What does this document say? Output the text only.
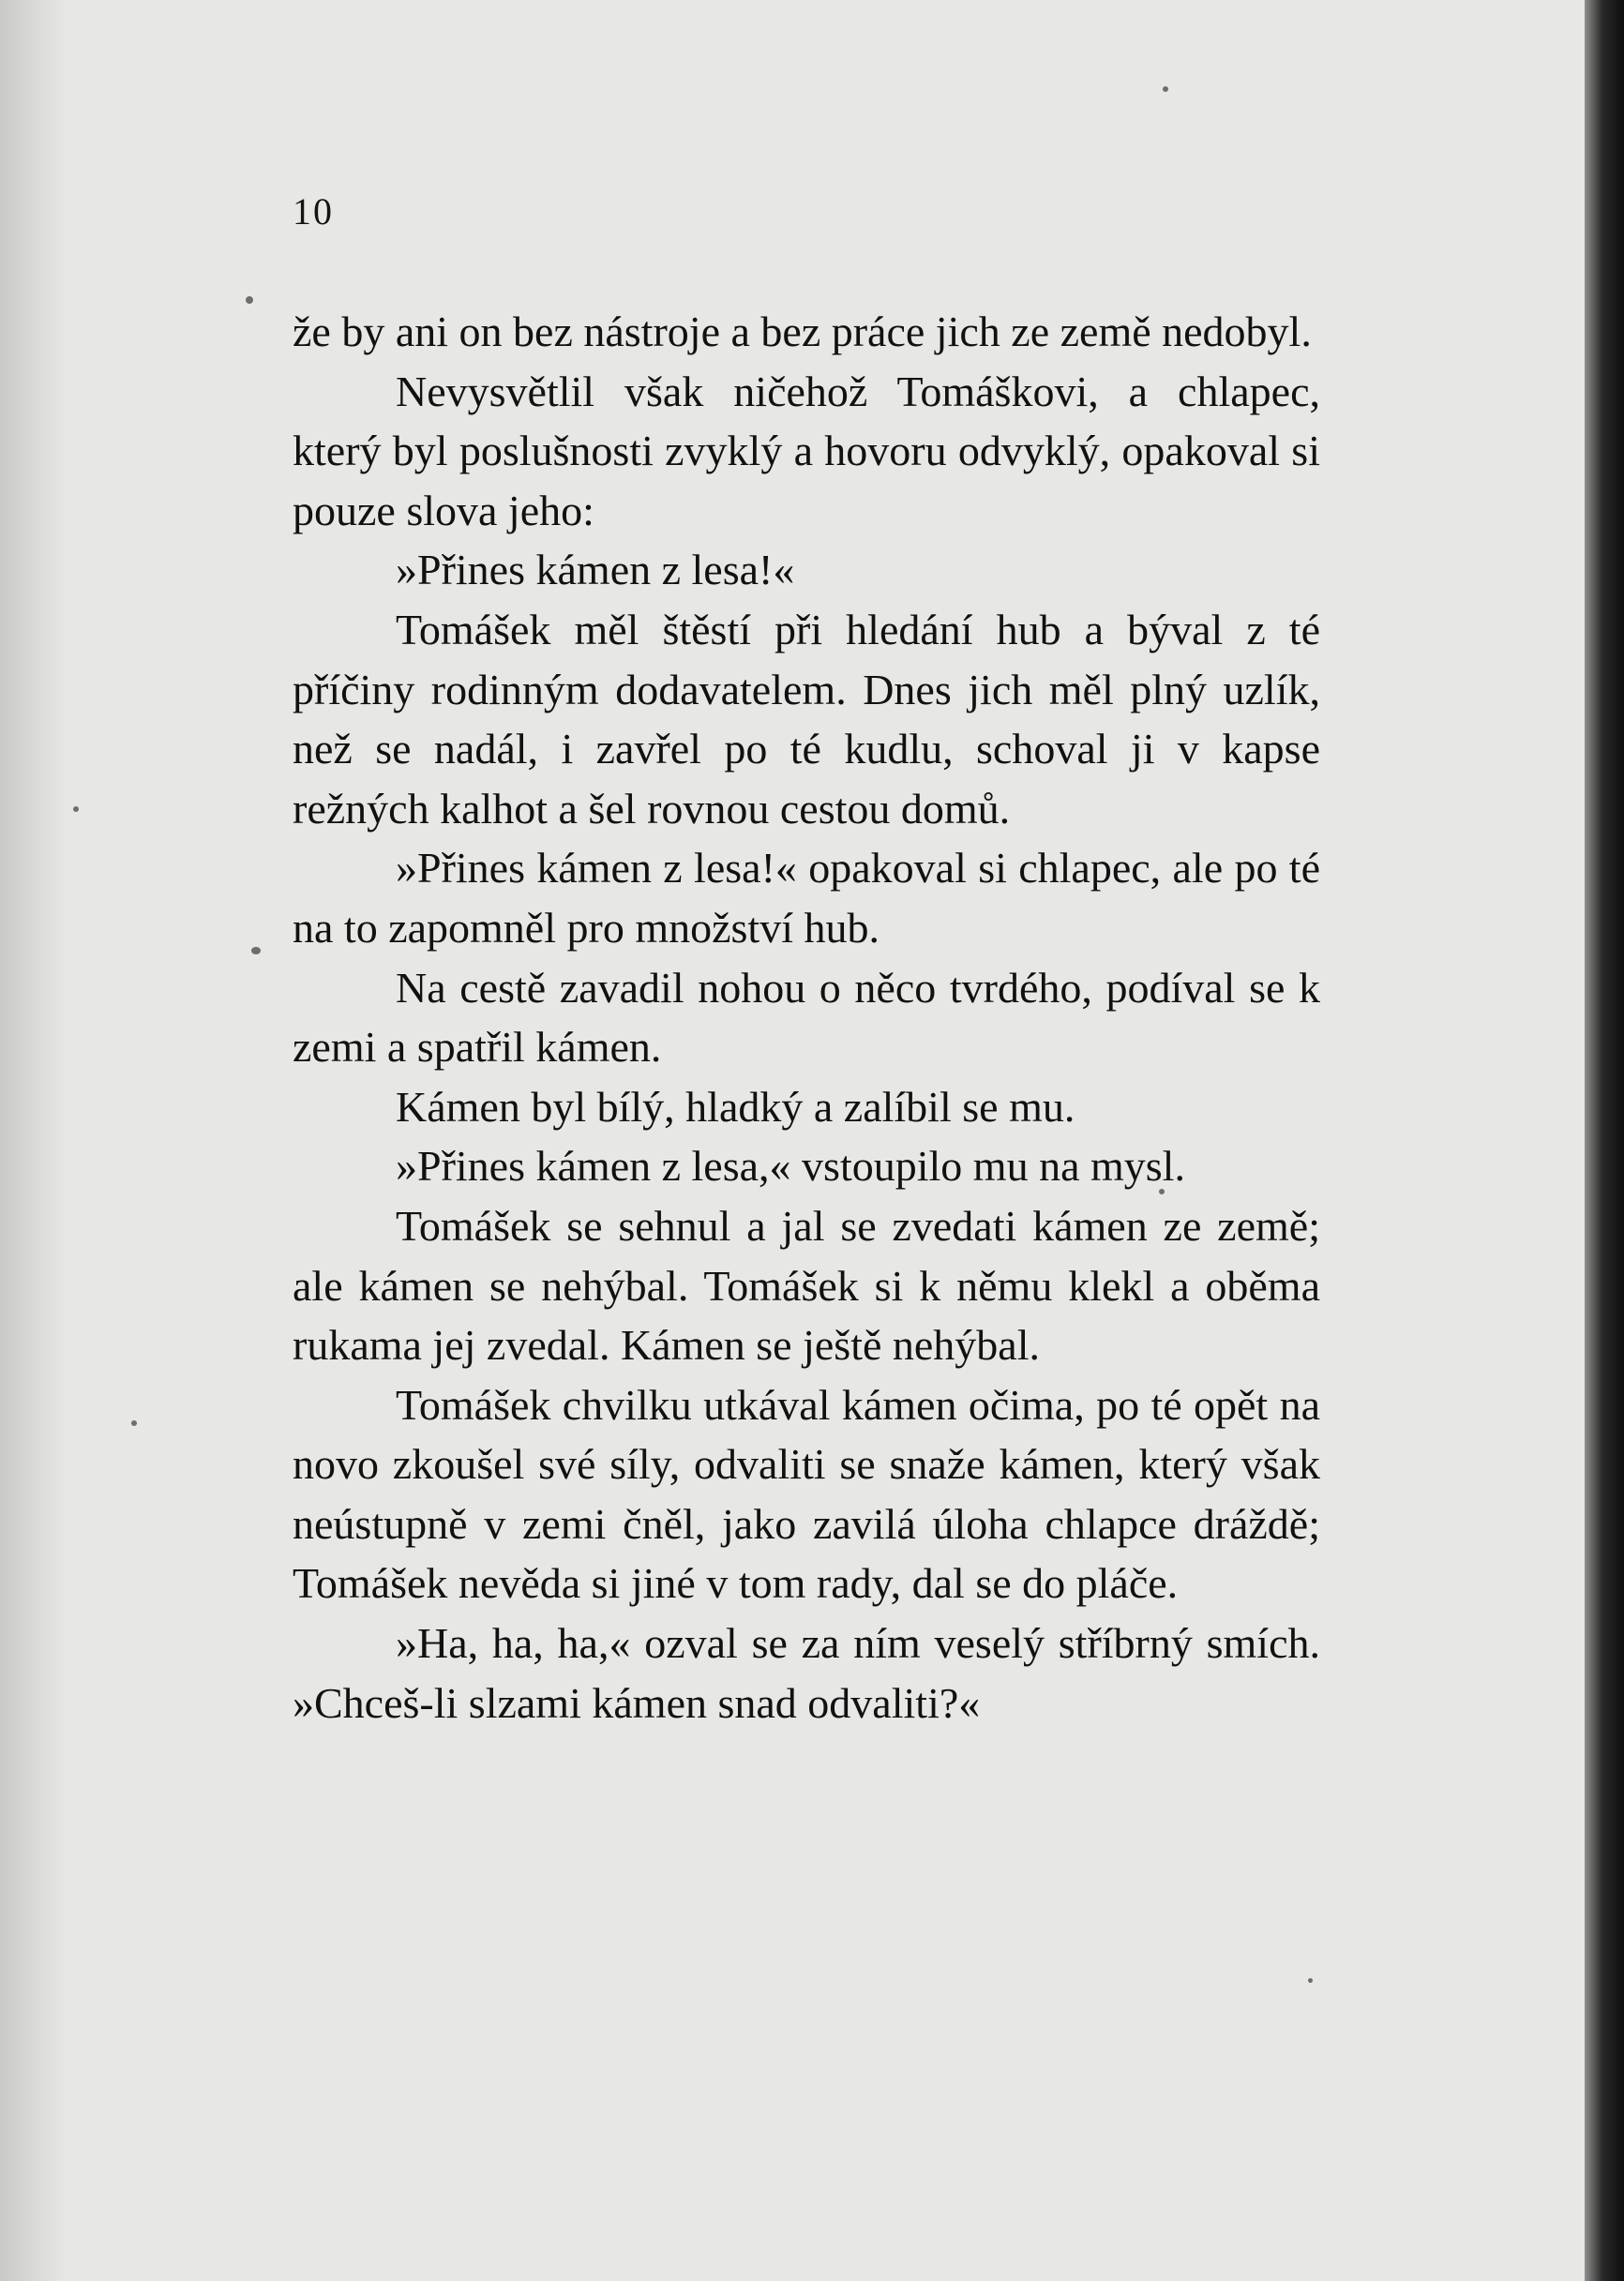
10

že by ani on bez nástroje a bez práce jich ze země nedobyl.

Nevysvětlil však ničehož Tomáškovi, a chlapec, který byl poslušnosti zvyklý a hovoru odvyklý, opakoval si pouze slova jeho:

»Přines kámen z lesa!«

Tomášek měl štěstí při hledání hub a býval z té příčiny rodinným dodavatelem. Dnes jich měl plný uzlík, než se nadál, i zavřel po té kudlu, schoval ji v kapse režných kalhot a šel rovnou cestou domů.

»Přines kámen z lesa!« opakoval si chlapec, ale po té na to zapomněl pro množství hub.

Na cestě zavadil nohou o něco tvrdého, podíval se k zemi a spatřil kámen.

Kámen byl bílý, hladký a zalíbil se mu.

»Přines kámen z lesa,« vstoupilo mu na mysl.

Tomášek se sehnul a jal se zvedati kámen ze země; ale kámen se nehýbal. Tomášek si k němu klekl a oběma rukama jej zvedal. Kámen se ještě nehýbal.

Tomášek chvilku utkával kámen očima, po té opět na novo zkoušel své síly, odvaliti se snaže kámen, který však neústupně v zemi čněl, jako zavilá úloha chlapce dráždě; Tomášek nevěda si jiné v tom rady, dal se do pláče.

»Ha, ha, ha,« ozval se za ním veselý stříbrný smích. »Chceš-li slzami kámen snad odvaliti?«
